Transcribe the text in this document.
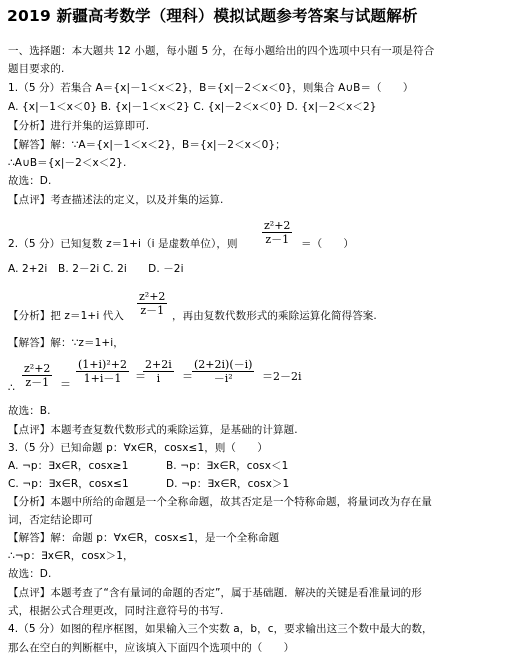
2019 新疆高考数学（理科）模拟试题参考答案与试题解析
一、选择题：本大题共 12 小题，每小题 5 分，在每小题给出的四个选项中只有一项是符合
题目要求的.
1.（5 分）若集合 A＝{x|－1＜x＜2}，B＝{x|－2＜x＜0}，则集合 A∪B＝（　　）
A. {x|－1＜x＜0} B. {x|－1＜x＜2} C. {x|－2＜x＜0} D. {x|－2＜x＜2}
【分析】进行并集的运算即可.
【解答】解：∵A＝{x|－1＜x＜2}，B＝{x|－2＜x＜0}；
∴A∪B＝{x|－2＜x＜2}.
故选：D.
【点评】考查描述法的定义，以及并集的运算.
2.（5 分）已知复数 z＝1+i（i 是虚数单位），则 $\frac{\text{z²+2}}{z-1}$ ＝（　　）
A. 2+2i　B. 2－2i C. 2i　　D. －2i
【分析】把 z＝1+i 代入 $\frac{\text{z²+2}}{z-1}$ ，再由复数代数形式的乘除运算化简得答案.
【解答】解：∵z＝1+i，
$\frac{\text{z²+2}}{z-1}$
∴	＝ $\frac{\text{(1+i)²+2}}{1+i-1}$ ＝
$\frac{2+2i}{i} = \frac{(2+2i)(-i)}{\text{－i²}} =2-2i$
故选：B.
【点评】本题考查复数代数形式的乘除运算，是基础的计算题.
3.（5 分）已知命题 p：∀x∈R，cosx≤1，则（　　）
A. ¬p：∃x∈R，cosx≥1	B. ¬p：∃x∈R，cosx＜1
C. ¬p：∃x∈R，cosx≤1	D. ¬p：∃x∈R，cosx＞1
【分析】本题中所给的命题是一个全称命题，故其否定是一个特称命题，将量词改为存在量
词，否定结论即可
【解答】解：命题 p：∀x∈R，cosx≤1，是一个全称命题
∴¬p：∃x∈R，cosx＞1，
故选：D.
【点评】本题考查了“含有量词的命题的否定”，属于基础题．解决的关键是看准量词的形
式，根据公式合理更改，同时注意符号的书写.
4.（5 分）如图的程序框图，如果输入三个实数 a，b，c，要求输出这三个数中最大的数，
那么在空白的判断框中，应该填入下面四个选项中的（　　）
